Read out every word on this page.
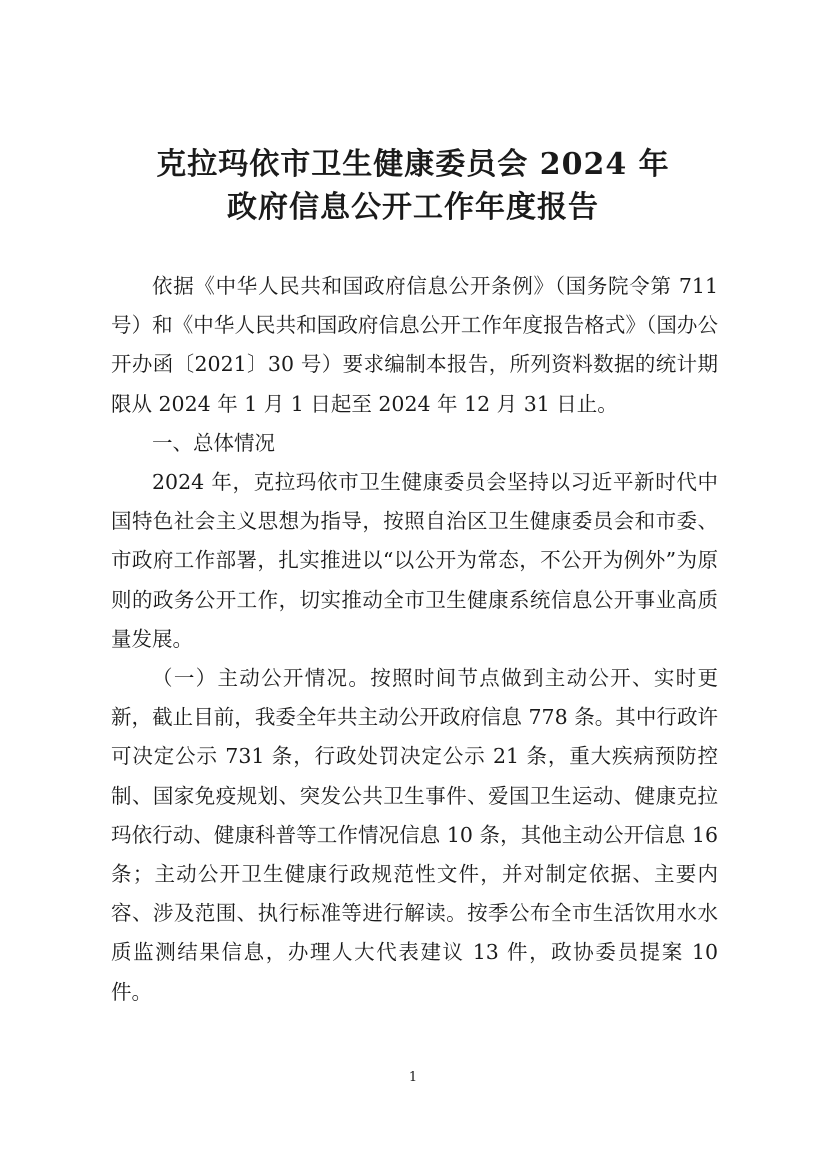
克拉玛依市卫生健康委员会 2024 年
政府信息公开工作年度报告

依据《中华人民共和国政府信息公开条例》（国务院令第 711 号）和《中华人民共和国政府信息公开工作年度报告格式》（国办公开办函〔2021〕30 号）要求编制本报告，所列资料数据的统计期限从 2024 年 1 月 1 日起至 2024 年 12 月 31 日止。

一、总体情况

2024 年，克拉玛依市卫生健康委员会坚持以习近平新时代中国特色社会主义思想为指导，按照自治区卫生健康委员会和市委、市政府工作部署，扎实推进以“以公开为常态，不公开为例外”为原则的政务公开工作，切实推动全市卫生健康系统信息公开事业高质量发展。

（一）主动公开情况。按照时间节点做到主动公开、实时更新，截止目前，我委全年共主动公开政府信息 778 条。其中行政许可决定公示 731 条，行政处罚决定公示 21 条，重大疾病预防控制、国家免疫规划、突发公共卫生事件、爱国卫生运动、健康克拉玛依行动、健康科普等工作情况信息 10 条，其他主动公开信息 16 条；主动公开卫生健康行政规范性文件，并对制定依据、主要内容、涉及范围、执行标准等进行解读。按季公布全市生活饮用水水质监测结果信息，办理人大代表建议 13 件，政协委员提案 10 件。

1
